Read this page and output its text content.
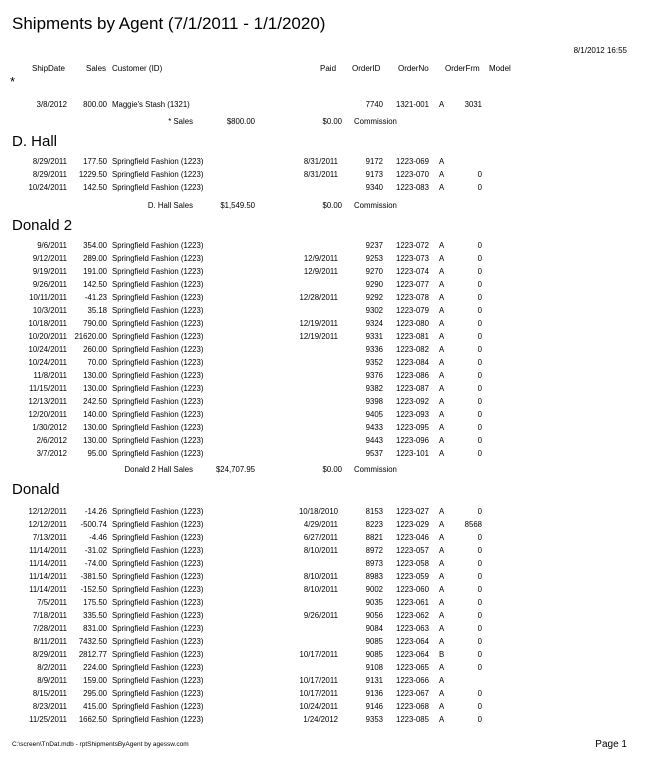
Shipments by Agent (7/1/2011 - 1/1/2020)
8/1/2012 16:55
ShipDate	Sales Customer (ID)	Paid OrderID OrderNo OrderFrm Model
*
3/8/2012 800.00 Maggie's Stash (1321)	7740 1321-001 A	3031
* Sales	$800.00	$0.00 Commission
D. Hall
8/29/2011 177.50 Springfield Fashion (1223)	8/31/2011	9172 1223-069 A
8/29/2011 1229.50 Springfield Fashion (1223)	8/31/2011	9173 1223-070 A	0
10/24/2011 142.50 Springfield Fashion (1223)	9340 1223-083 A	0
D. Hall Sales	$1,549.50	$0.00 Commission
Donald 2
9/6/2011 354.00 Springfield Fashion (1223)	9237 1223-072 A	0
9/12/2011 289.00 Springfield Fashion (1223)	12/9/2011	9253 1223-073 A	0
9/19/2011 191.00 Springfield Fashion (1223)	12/9/2011	9270 1223-074 A	0
9/26/2011 142.50 Springfield Fashion (1223)	9290 1223-077 A	0
10/11/2011 -41.23 Springfield Fashion (1223)	12/28/2011	9292 1223-078 A	0
10/3/2011	35.18 Springfield Fashion (1223)	9302 1223-079 A	0
10/18/2011 790.00 Springfield Fashion (1223)	12/19/2011	9324 1223-080 A	0
10/20/2011 21620.00 Springfield Fashion (1223)	12/19/2011	9331 1223-081 A	0
10/24/2011 260.00 Springfield Fashion (1223)	9336 1223-082 A	0
10/24/2011	70.00 Springfield Fashion (1223)	9352 1223-084 A	0
11/8/2011 130.00 Springfield Fashion (1223)	9376 1223-086 A	0
11/15/2011 130.00 Springfield Fashion (1223)	9382 1223-087 A	0
12/13/2011 242.50 Springfield Fashion (1223)	9398 1223-092 A	0
12/20/2011 140.00 Springfield Fashion (1223)	9405 1223-093 A	0
1/30/2012 130.00 Springfield Fashion (1223)	9433 1223-095 A	0
2/6/2012 130.00 Springfield Fashion (1223)	9443 1223-096 A	0
3/7/2012	95.00 Springfield Fashion (1223)	9537 1223-101 A	0
Donald 2 Hall Sales	$24,707.95	$0.00 Commission
Donald
12/12/2011 -14.26 Springfield Fashion (1223)	10/18/2010	8153 1223-027 A	0
12/12/2011 -500.74 Springfield Fashion (1223)	4/29/2011	8223 1223-029 A	8568
7/13/2011	-4.46 Springfield Fashion (1223)	6/27/2011	8821 1223-046 A	0
11/14/2011 -31.02 Springfield Fashion (1223)	8/10/2011	8972 1223-057 A	0
11/14/2011 -74.00 Springfield Fashion (1223)	8973 1223-058 A	0
11/14/2011 -381.50 Springfield Fashion (1223)	8/10/2011	8983 1223-059 A	0
11/14/2011 -152.50 Springfield Fashion (1223)	8/10/2011	9002 1223-060 A	0
7/5/2011 175.50 Springfield Fashion (1223)	9035 1223-061 A	0
7/18/2011 335.50 Springfield Fashion (1223)	9/26/2011	9056 1223-062 A	0
7/28/2011 831.00 Springfield Fashion (1223)	9084 1223-063 A	0
8/11/2011 7432.50 Springfield Fashion (1223)	9085 1223-064 A	0
8/29/2011 2812.77 Springfield Fashion (1223)	10/17/2011	9085 1223-064 B	0
8/2/2011 224.00 Springfield Fashion (1223)	9108 1223-065 A	0
8/9/2011 159.00 Springfield Fashion (1223)	10/17/2011	9131 1223-066 A
8/15/2011 295.00 Springfield Fashion (1223)	10/17/2011	9136 1223-067 A	0
8/23/2011 415.00 Springfield Fashion (1223)	10/24/2011	9146 1223-068 A	0
11/25/2011 1662.50 Springfield Fashion (1223)	1/24/2012	9353 1223-085 A	0
C:\screen\TnDat.mdb - rptShipmentsByAgent by agessw.com	Page 1
